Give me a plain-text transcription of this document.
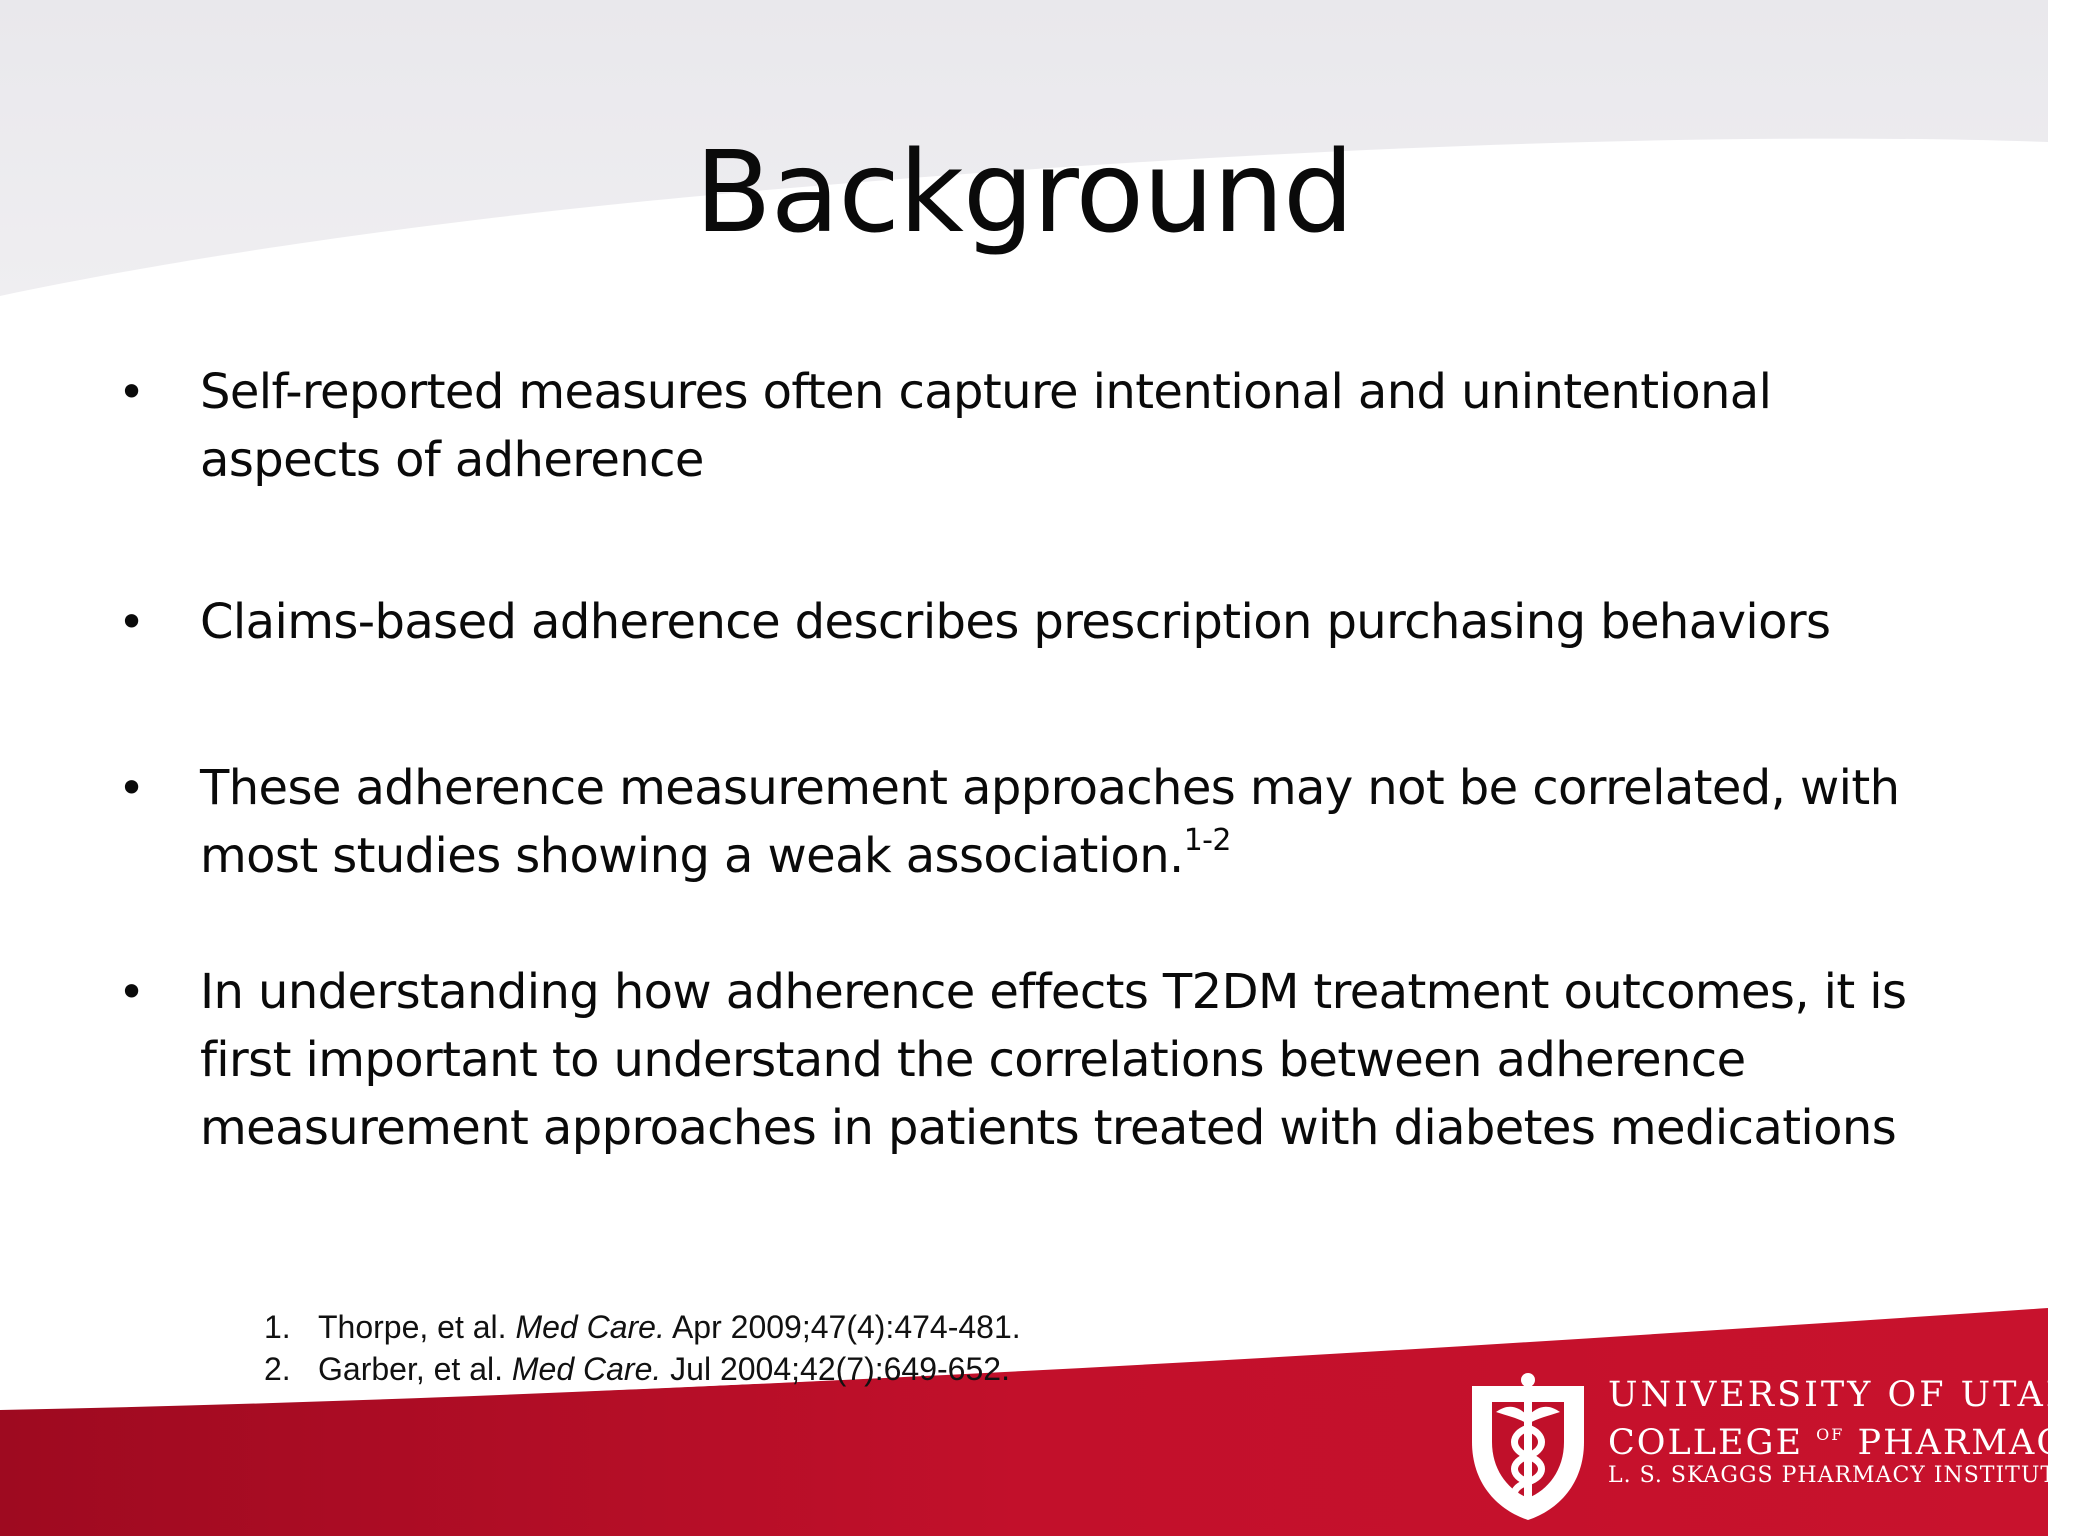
Background
•	Self-reported measures often capture intentional and unintentional
aspects of adherence
•	Claims-based adherence describes prescription purchasing behaviors
•	These adherence measurement approaches may not be correlated, with
most studies showing a weak association.$^{1-2}$
•	In understanding how adherence effects T2DM treatment outcomes, it is
first important to understand the correlations between adherence
measurement approaches in patients treated with diabetes medications
1. Thorpe, et al. Med Care. Apr 2009;47(4):474-481.
2. Garber, et al. Med Care. Jul 2004;42(7):649-652.
UNIVERSITY OF UTAH
COLLEGE $^{OF}$ PHARMACY
L. S. SKAGGS PHARMACY INSTITUTE
